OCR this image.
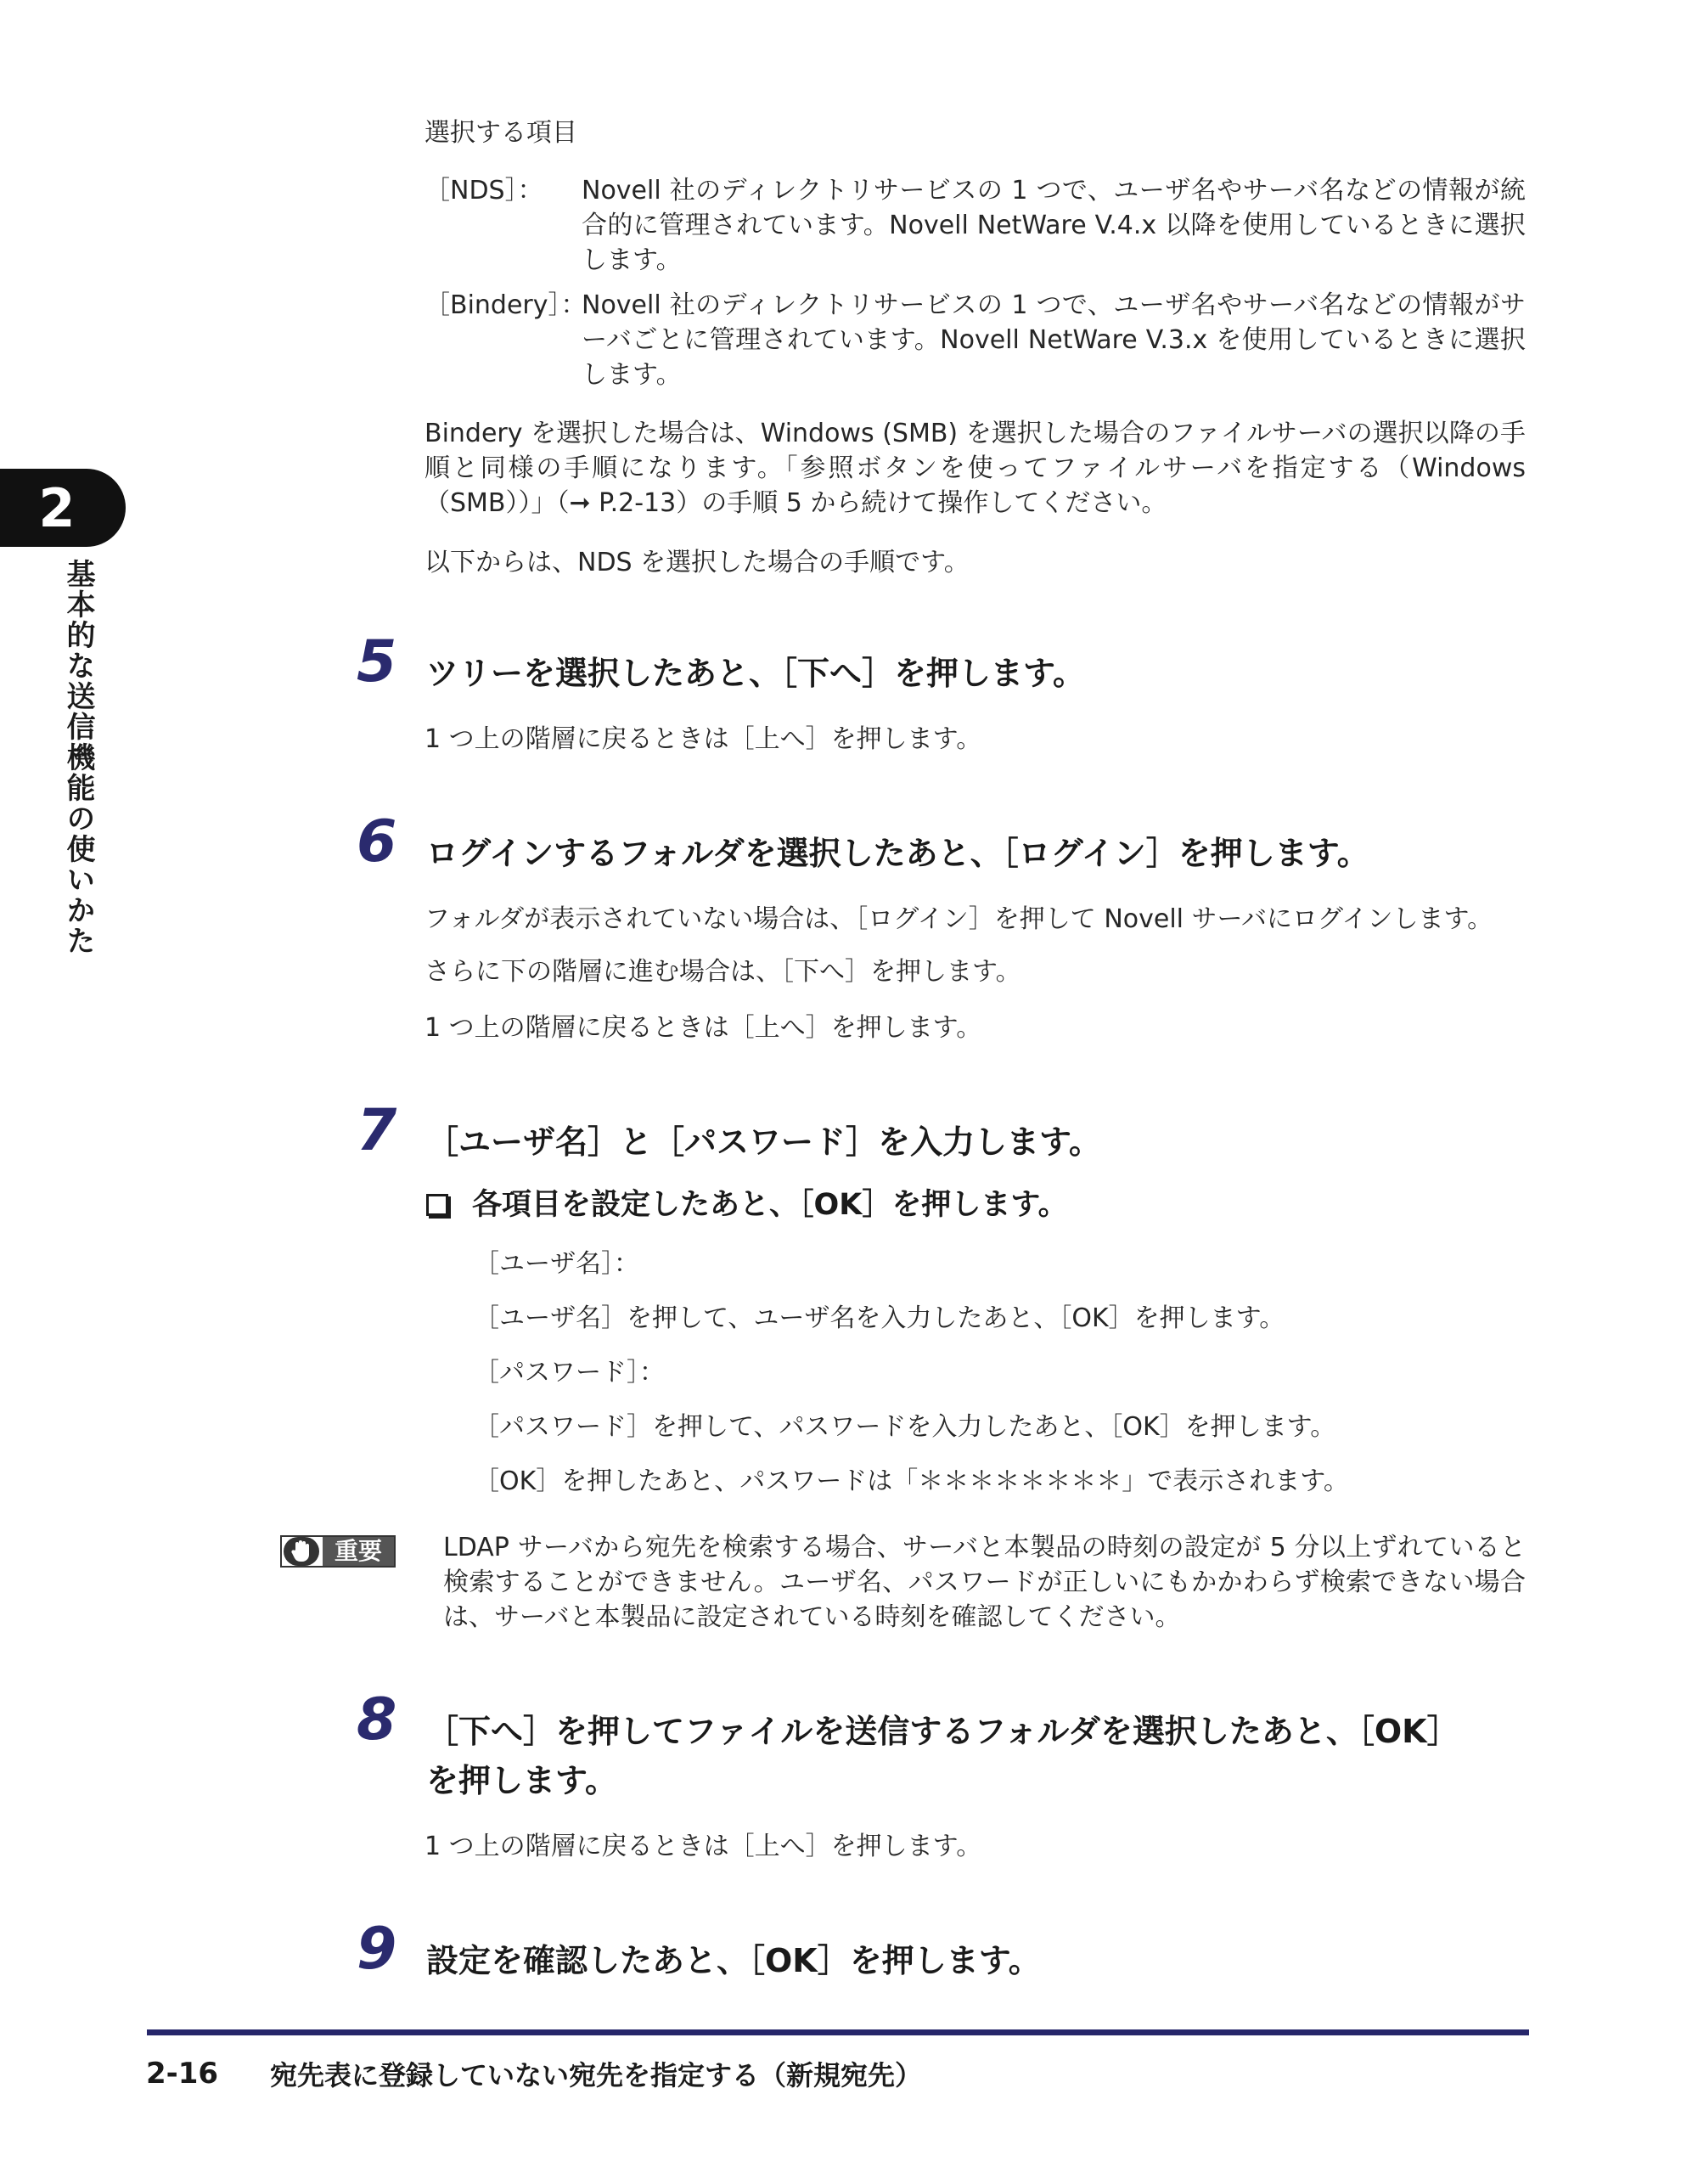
2
基本的な送信機能の使いかた
選択する項目
［NDS］：	Novell 社のディレクトリサービスの 1 つで、ユーザ名やサーバ名などの情報が統合的に管理されています。Novell NetWare V.4.x 以降を使用しているときに選択します。
［Bindery］：
Novell 社のディレクトリサービスの 1 つで、ユーザ名やサーバ名などの情報がサーバごとに管理されています。Novell NetWare V.3.x を使用しているときに選択します。
Bindery を選択した場合は、Windows (SMB) を選択した場合のファイルサーバの選択以降の手順と同様の手順になります。「参照ボタンを使ってファイルサーバを指定する（Windows（SMB））」（➞ P.2-13）の手順 5 から続けて操作してください。
以下からは、NDS を選択した場合の手順です。
5 ツリーを選択したあと、［下へ］を押します。
1 つ上の階層に戻るときは［上へ］を押します。
6 ログインするフォルダを選択したあと、［ログイン］を押します。
フォルダが表示されていない場合は、［ログイン］を押して Novell サーバにログインします。
さらに下の階層に進む場合は、［下へ］を押します。
1 つ上の階層に戻るときは［上へ］を押します。
7 ［ユーザ名］と［パスワード］を入力します。
各項目を設定したあと、［OK］を押します。
［ユーザ名］：
［ユーザ名］を押して、ユーザ名を入力したあと、［OK］を押します。
［パスワード］：
［パスワード］を押して、パスワードを入力したあと、［OK］を押します。
［OK］を押したあと、パスワードは「＊＊＊＊＊＊＊＊」で表示されます。
重要	LDAP サーバから宛先を検索する場合、サーバと本製品の時刻の設定が 5 分以上ずれていると検索することができません。ユーザ名、パスワードが正しいにもかかわらず検索できない場合は、サーバと本製品に設定されている時刻を確認してください。
8 ［下へ］を押してファイルを送信するフォルダを選択したあと、［OK］を押します。
1 つ上の階層に戻るときは［上へ］を押します。
9 設定を確認したあと、［OK］を押します。
2-16 宛先表に登録していない宛先を指定する（新規宛先）
